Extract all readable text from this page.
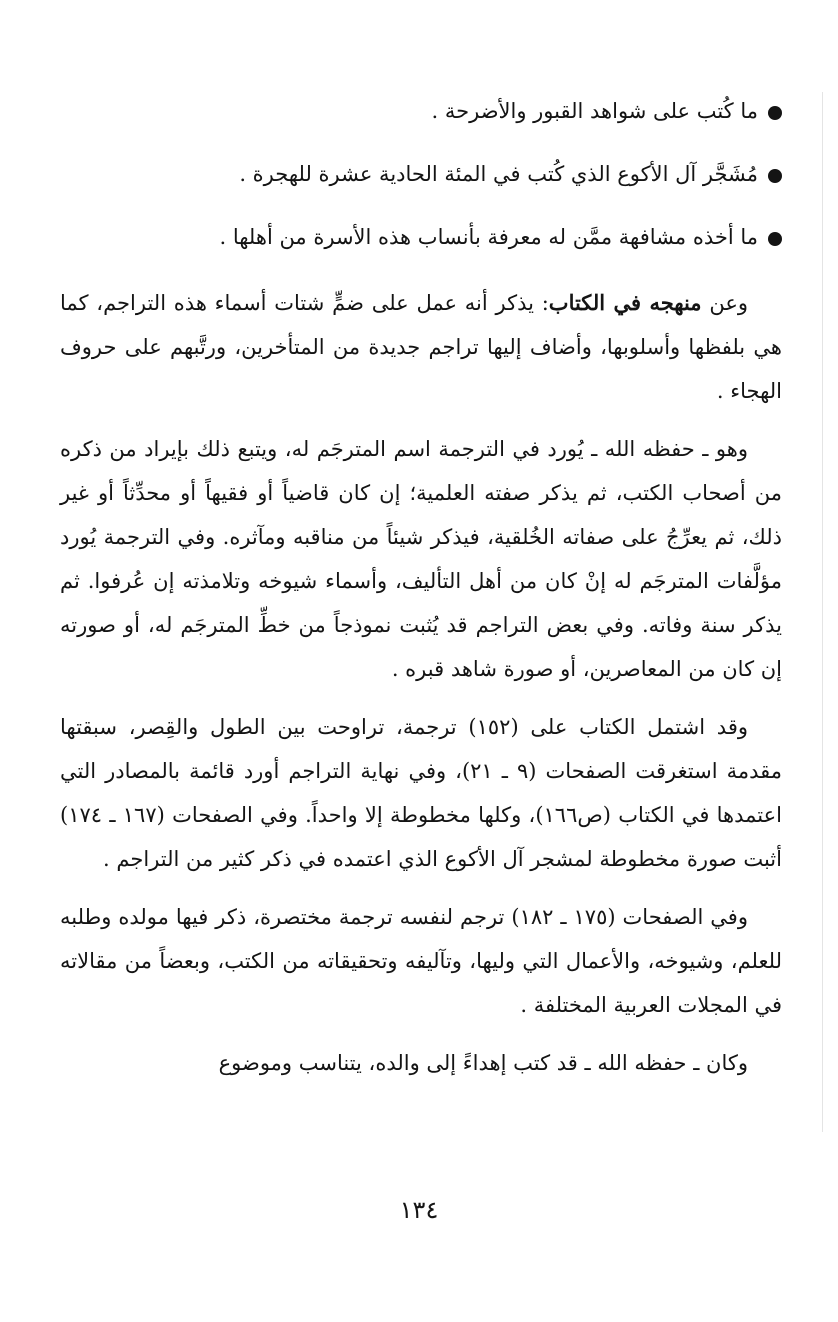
ما كُتب على شواهد القبور والأضرحة .
مُشَجَّر آل الأكوع الذي كُتب في المئة الحادية عشرة للهجرة .
ما أخذه مشافهة ممَّن له معرفة بأنساب هذه الأسرة من أهلها .

وعن منهجه في الكتاب: يذكر أنه عمل على ضمٍّ شتات أسماء هذه التراجم، كما هي بلفظها وأسلوبها، وأضاف إليها تراجم جديدة من المتأخرين، ورتَّبهم على حروف الهجاء .

وهو ـ حفظه الله ـ يُورد في الترجمة اسم المترجَم له، ويتبع ذلك بإيراد من ذكره من أصحاب الكتب، ثم يذكر صفته العلمية؛ إن كان قاضياً أو فقيهاً أو محدِّثاً أو غير ذلك، ثم يعرِّجُ على صفاته الخُلقية، فيذكر شيئاً من مناقبه ومآثره. وفي الترجمة يُورد مؤلَّفات المترجَم له إنْ كان من أهل التأليف، وأسماء شيوخه وتلامذته إن عُرفوا. ثم يذكر سنة وفاته. وفي بعض التراجم قد يُثبت نموذجاً من خطِّ المترجَم له، أو صورته إن كان من المعاصرين، أو صورة شاهد قبره .

وقد اشتمل الكتاب على (١٥٢) ترجمة، تراوحت بين الطول والقِصر، سبقتها مقدمة استغرقت الصفحات (٩ ـ ٢١)، وفي نهاية التراجم أورد قائمة بالمصادر التي اعتمدها في الكتاب (ص١٦٦)، وكلها مخطوطة إلا واحداً. وفي الصفحات (١٦٧ ـ ١٧٤) أثبت صورة مخطوطة لمشجر آل الأكوع الذي اعتمده في ذكر كثير من التراجم .

وفي الصفحات (١٧٥ ـ ١٨٢) ترجم لنفسه ترجمة مختصرة، ذكر فيها مولده وطلبه للعلم، وشيوخه، والأعمال التي وليها، وتآليفه وتحقيقاته من الكتب، وبعضاً من مقالاته في المجلات العربية المختلفة .

وكان ـ حفظه الله ـ قد كتب إهداءً إلى والده، يتناسب وموضوع

١٣٤
